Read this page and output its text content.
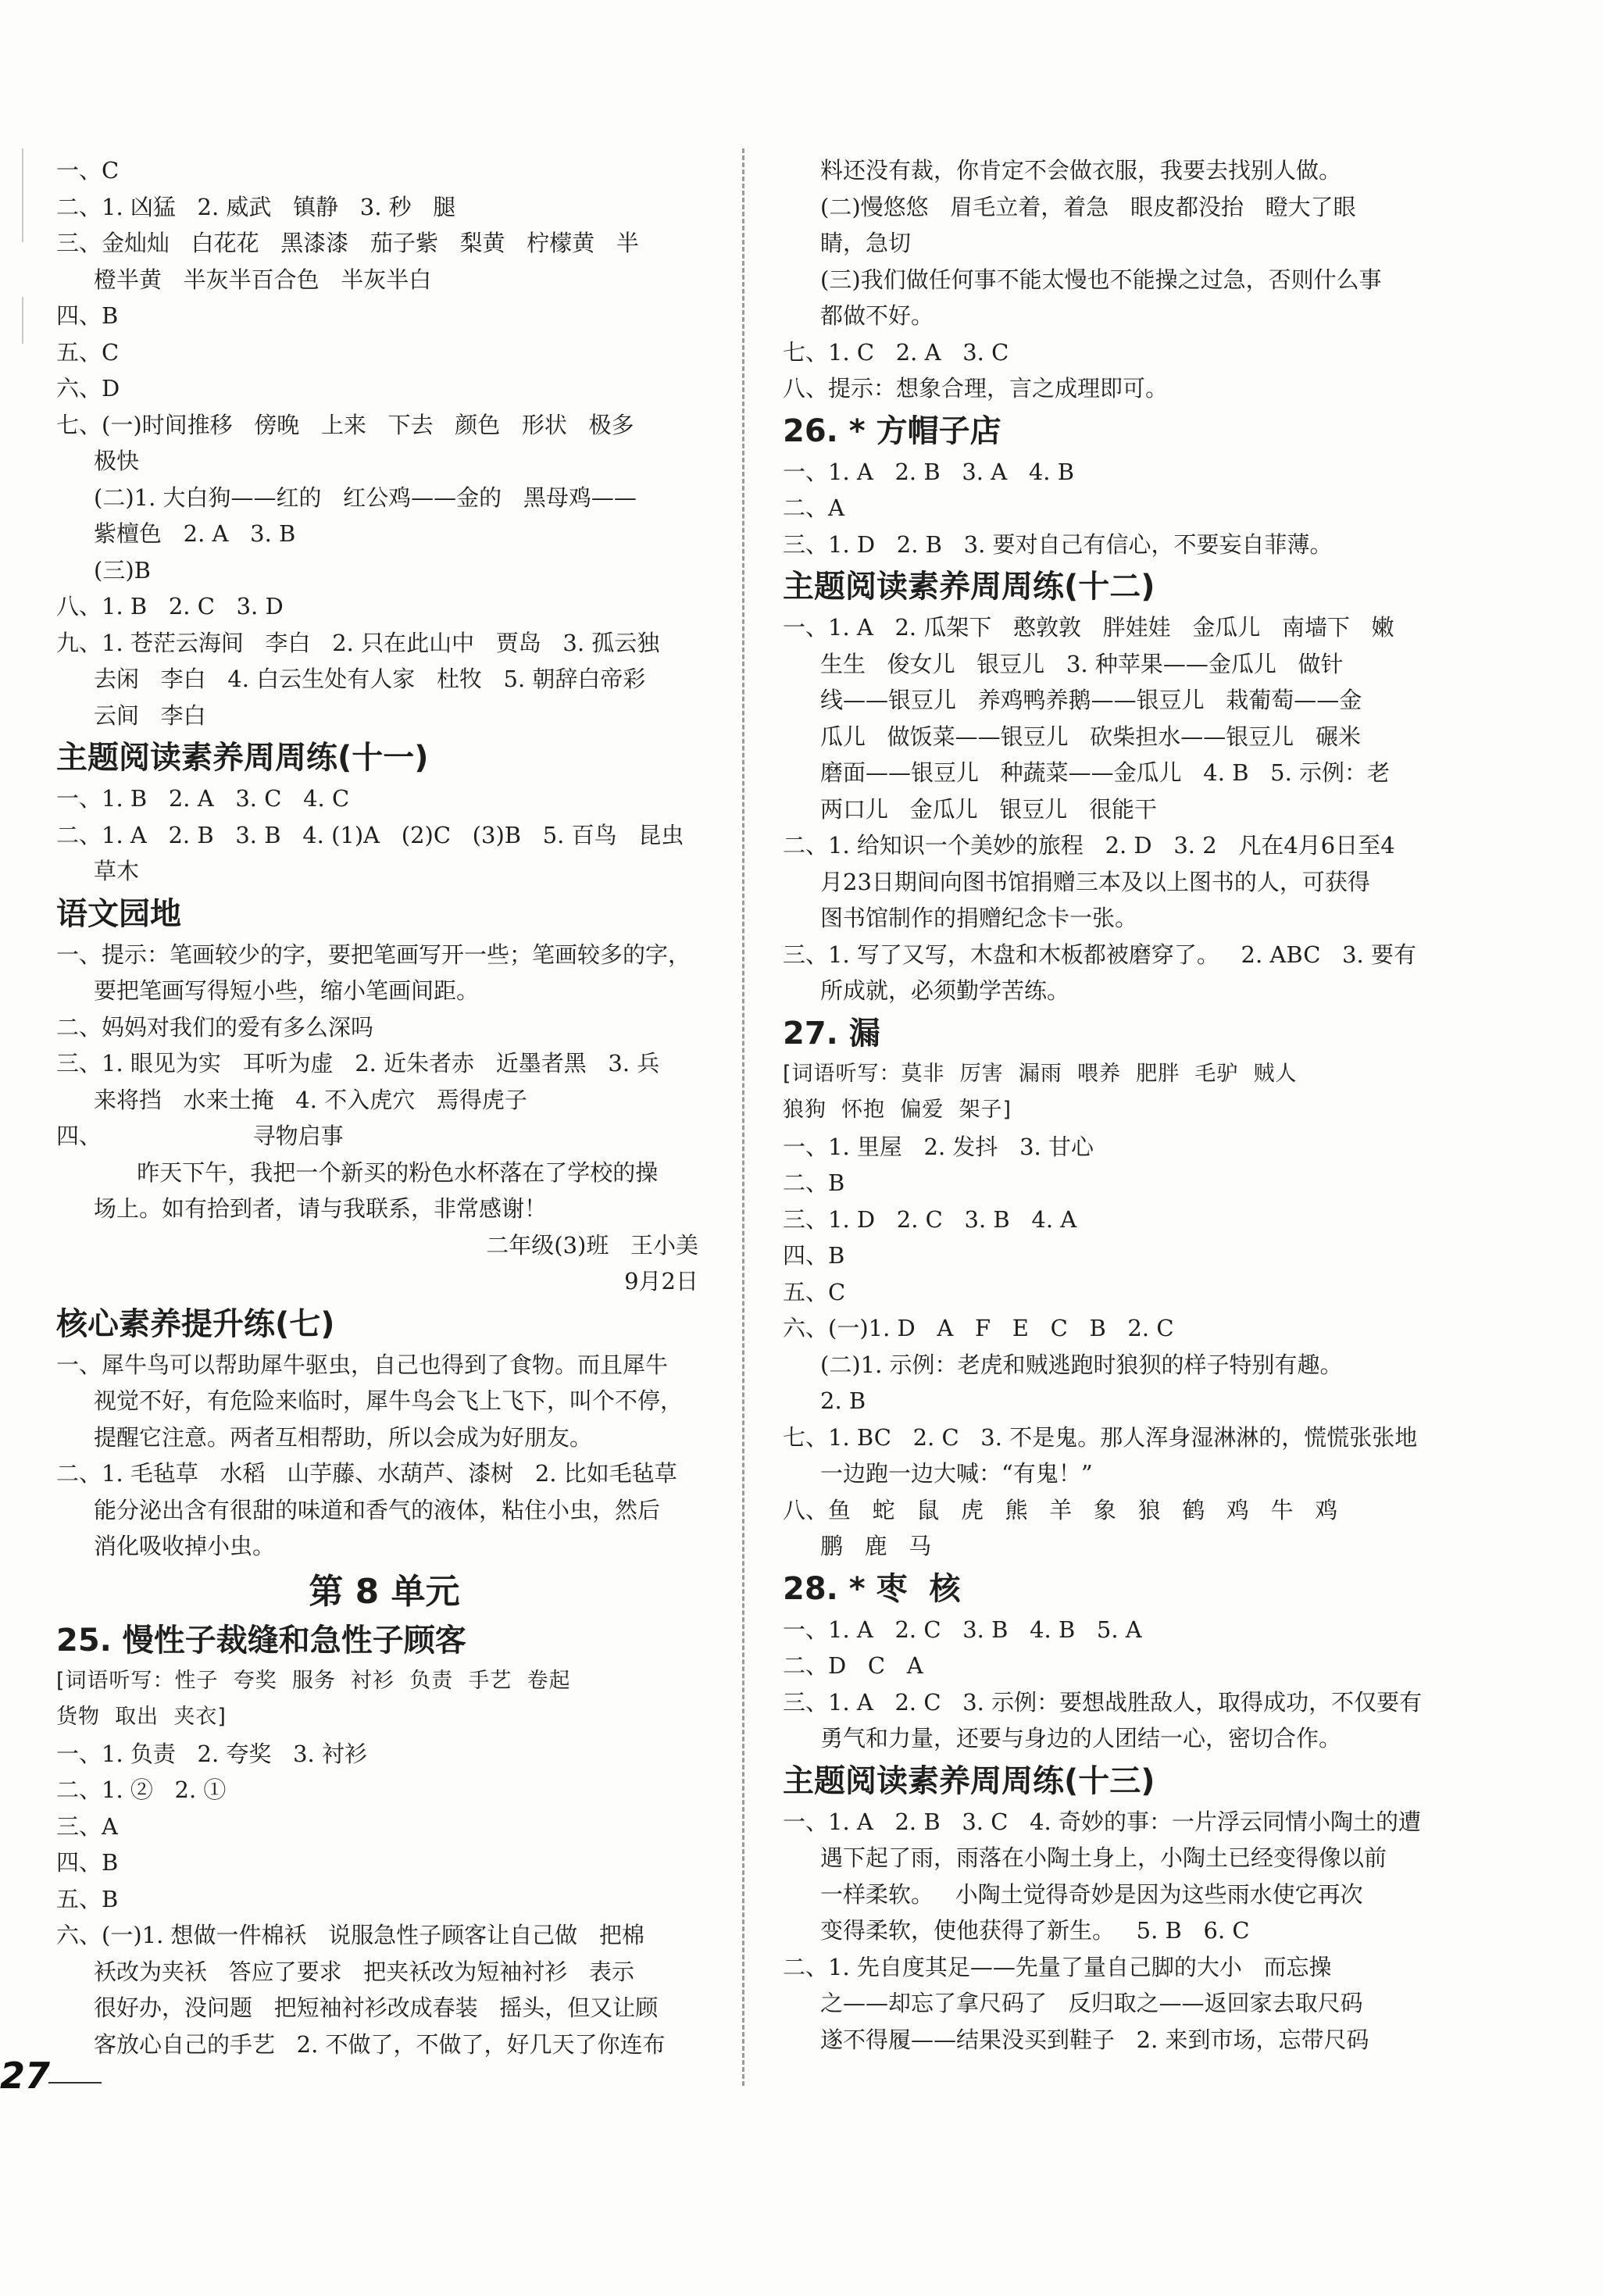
一、C
二、1. 凶猛   2. 威武   镇静   3. 秒   腿
三、金灿灿   白花花   黑漆漆   茄子紫   梨黄   柠檬黄   半
橙半黄   半灰半百合色   半灰半白
四、B
五、C
六、D
七、(一)时间推移   傍晚   上来   下去   颜色   形状   极多
极快
(二)1. 大白狗——红的   红公鸡——金的   黑母鸡——
紫檀色   2. A   3. B
(三)B
八、1. B   2. C   3. D
九、1. 苍茫云海间   李白   2. 只在此山中   贾岛   3. 孤云独
去闲   李白   4. 白云生处有人家   杜牧   5. 朝辞白帝彩
云间   李白
主题阅读素养周周练(十一)
一、1. B   2. A   3. C   4. C
二、1. A   2. B   3. B   4. (1)A   (2)C   (3)B   5. 百鸟   昆虫
草木
语文园地
一、提示：笔画较少的字，要把笔画写开一些；笔画较多的字，
要把笔画写得短小些，缩小笔画间距。
二、妈妈对我们的爱有多么深吗
三、1. 眼见为实   耳听为虚   2. 近朱者赤   近墨者黑   3. 兵
来将挡   水来土掩   4. 不入虎穴   焉得虎子
四、                     寻物启事
昨天下午，我把一个新买的粉色水杯落在了学校的操
场上。如有拾到者，请与我联系，非常感谢！
二年级(3)班   王小美
9月2日
核心素养提升练(七)
一、犀牛鸟可以帮助犀牛驱虫，自己也得到了食物。而且犀牛
视觉不好，有危险来临时，犀牛鸟会飞上飞下，叫个不停，
提醒它注意。两者互相帮助，所以会成为好朋友。
二、1. 毛毡草   水稻   山芋藤、水葫芦、漆树   2. 比如毛毡草
能分泌出含有很甜的味道和香气的液体，粘住小虫，然后
消化吸收掉小虫。
第 8 单元
25. 慢性子裁缝和急性子顾客
[词语听写：性子  夸奖  服务  衬衫  负责  手艺  卷起
货物  取出  夹衣]
一、1. 负责   2. 夸奖   3. 衬衫
二、1. ②   2. ①
三、A
四、B
五、B
六、(一)1. 想做一件棉袄   说服急性子顾客让自己做   把棉
袄改为夹袄   答应了要求   把夹袄改为短袖衬衫   表示
很好办，没问题   把短袖衬衫改成春装   摇头，但又让顾
客放心自己的手艺   2. 不做了，不做了，好几天了你连布
料还没有裁，你肯定不会做衣服，我要去找别人做。
(二)慢悠悠   眉毛立着，着急   眼皮都没抬   瞪大了眼
睛，急切
(三)我们做任何事不能太慢也不能操之过急，否则什么事
都做不好。
七、1. C   2. A   3. C
八、提示：想象合理，言之成理即可。
26. * 方帽子店
一、1. A   2. B   3. A   4. B
二、A
三、1. D   2. B   3. 要对自己有信心，不要妄自菲薄。
主题阅读素养周周练(十二)
一、1. A   2. 瓜架下   憨敦敦   胖娃娃   金瓜儿   南墙下   嫩
生生   俊女儿   银豆儿   3. 种苹果——金瓜儿   做针
线——银豆儿   养鸡鸭养鹅——银豆儿   栽葡萄——金
瓜儿   做饭菜——银豆儿   砍柴担水——银豆儿   碾米
磨面——银豆儿   种蔬菜——金瓜儿   4. B   5. 示例：老
两口儿   金瓜儿   银豆儿   很能干
二、1. 给知识一个美妙的旅程   2. D   3. 2   凡在4月6日至4
月23日期间向图书馆捐赠三本及以上图书的人，可获得
图书馆制作的捐赠纪念卡一张。
三、1. 写了又写，木盘和木板都被磨穿了。   2. ABC   3. 要有
所成就，必须勤学苦练。
27. 漏
[词语听写：莫非  厉害  漏雨  喂养  肥胖  毛驴  贼人
狼狗  怀抱  偏爱  架子]
一、1. 里屋   2. 发抖   3. 甘心
二、B
三、1. D   2. C   3. B   4. A
四、B
五、C
六、(一)1. D   A   F   E   C   B   2. C
(二)1. 示例：老虎和贼逃跑时狼狈的样子特别有趣。
2. B
七、1. BC   2. C   3. 不是鬼。那人浑身湿淋淋的，慌慌张张地
一边跑一边大喊：“有鬼！”
八、鱼   蛇   鼠   虎   熊   羊   象   狼   鹤   鸡   牛   鸡
鹏   鹿   马
28. * 枣  核
一、1. A   2. C   3. B   4. B   5. A
二、D   C   A
三、1. A   2. C   3. 示例：要想战胜敌人，取得成功，不仅要有
勇气和力量，还要与身边的人团结一心，密切合作。
主题阅读素养周周练(十三)
一、1. A   2. B   3. C   4. 奇妙的事：一片浮云同情小陶土的遭
遇下起了雨，雨落在小陶土身上，小陶土已经变得像以前
一样柔软。   小陶土觉得奇妙是因为这些雨水使它再次
变得柔软，使他获得了新生。   5. B   6. C
二、1. 先自度其足——先量了量自己脚的大小   而忘操
之——却忘了拿尺码了   反归取之——返回家去取尺码
遂不得履——结果没买到鞋子   2. 来到市场，忘带尺码
27
